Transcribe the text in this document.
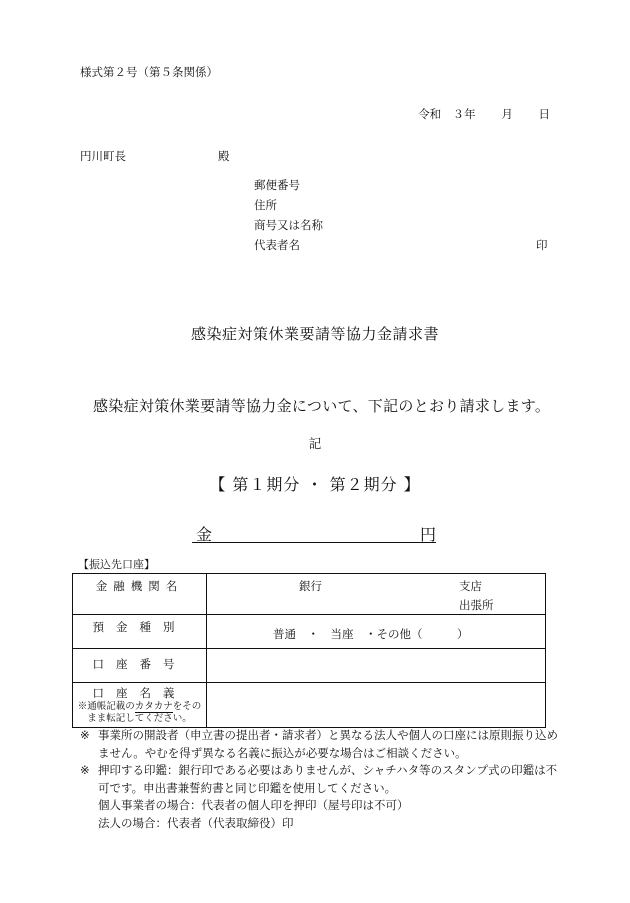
様式第２号（第５条関係）
令和　３年 月 日
円川町長	殿
郵便番号
住所
商号又は名称
代表者名	印
感染症対策休業要請等協力金請求書
感染症対策休業要請等協力金について、下記のとおり請求します。
記
【 第１期分 ・ 第２期分 】
金	円
【振込先口座】
金融機関名	銀行 支店
出張所

預金種別	普通　・　当座　・その他（　　　）

口座番号	
口座名義
※通帳記載のカタカナをそのまま転記してください。	

※ 事業所の開設者（申立書の提出者・請求者）と異なる法人や個人の口座には原則振り込めません。やむを得ず異なる名義に振込が必要な場合はご相談ください。
※ 押印する印鑑：銀行印である必要はありませんが、シャチハタ等のスタンプ式の印鑑は不可です。申出書兼誓約書と同じ印鑑を使用してください。
個人事業者の場合：代表者の個人印を押印（屋号印は不可）
法人の場合：代表者（代表取締役）印
